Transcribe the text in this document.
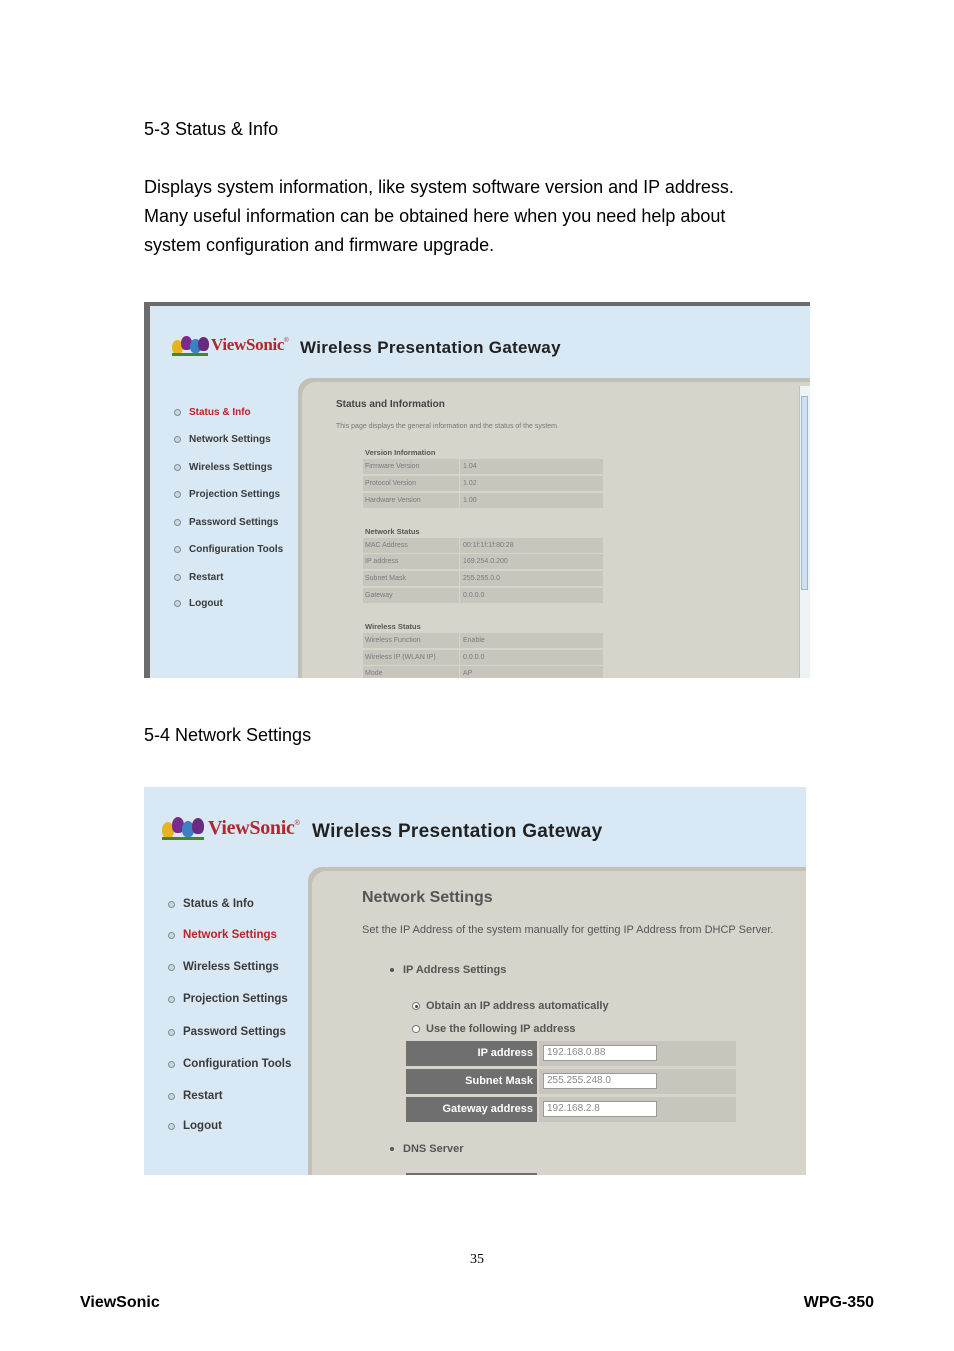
5-3 Status & Info
Displays system information, like system software version and IP address.
Many useful information can be obtained here when you need help about
system configuration and firmware upgrade.
ViewSonic ® Wireless Presentation Gateway
Status & Info
Network Settings
Wireless Settings
Projection Settings
Password Settings
Configuration Tools
Restart
Logout
Status and Information
This page displays the general information and the status of the system.
Version Information
Firmware Version	1.04
Protocol Version	1.02
Hardware Version	1.00
Network Status
MAC Address	00:1f:1f:1f:80:28
IP address	169.254.0.200
Subnet Mask	255.255.0.0
Gateway	0.0.0.0
Wireless Status
Wireless Function	Enable
Wireless IP (WLAN IP)	0.0.0.0
Mode	AP
5-4 Network Settings
ViewSonic ® Wireless Presentation Gateway
Status & Info
Network Settings
Wireless Settings
Projection Settings
Password Settings
Configuration Tools
Restart
Logout
Network Settings
Set the IP Address of the system manually for getting IP Address from DHCP Server.
IP Address Settings
Obtain an IP address automatically
Use the following IP address
IP address	192.168.0.88
Subnet Mask	255.255.248.0
Gateway address	192.168.2.8
DNS Server
35
ViewSonic	WPG-350
